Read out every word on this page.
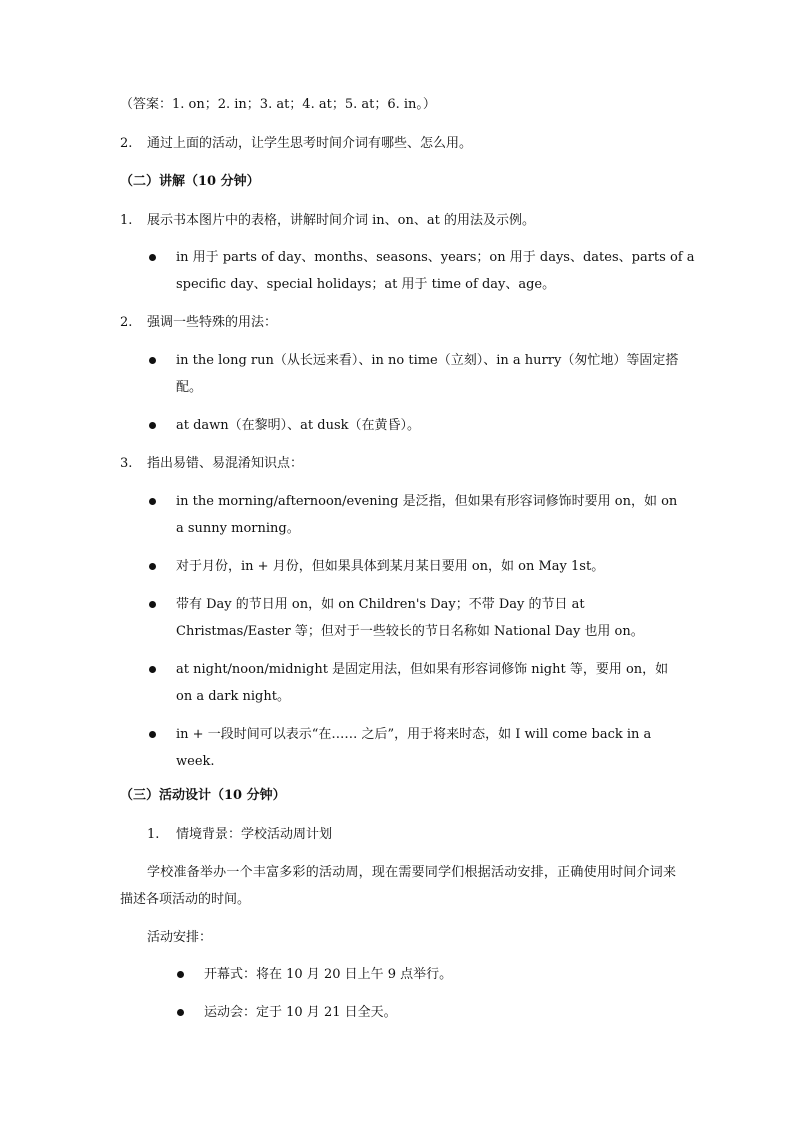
（答案：1. on；2. in；3. at；4. at；5. at；6. in。）
2. 通过上面的活动，让学生思考时间介词有哪些、怎么用。
（二）讲解（10 分钟）
1. 展示书本图片中的表格，讲解时间介词 in、on、at 的用法及示例。
in 用于 parts of day、months、seasons、years；on 用于 days、dates、parts of a
specific day、special holidays；at 用于 time of day、age。
2. 强调一些特殊的用法：
in the long run（从长远来看）、in no time（立刻）、in a hurry（匆忙地）等固定搭
配。
at dawn（在黎明）、at dusk（在黄昏）。
3. 指出易错、易混淆知识点：
in the morning/afternoon/evening 是泛指，但如果有形容词修饰时要用 on，如 on
a sunny morning。
对于月份，in + 月份，但如果具体到某月某日要用 on，如 on May 1st。
带有 Day 的节日用 on，如 on Children's Day；不带 Day 的节日 at
Christmas/Easter 等；但对于一些较长的节日名称如 National Day 也用 on。
at night/noon/midnight 是固定用法，但如果有形容词修饰 night 等，要用 on，如
on a dark night。
in + 一段时间可以表示“在…… 之后”，用于将来时态，如 I will come back in a
week.
（三）活动设计（10 分钟）
1. 情境背景：学校活动周计划
学校准备举办一个丰富多彩的活动周，现在需要同学们根据活动安排，正确使用时间介词来描述各项活动的时间。
活动安排：
开幕式：将在 10 月 20 日上午 9 点举行。
运动会：定于 10 月 21 日全天。
